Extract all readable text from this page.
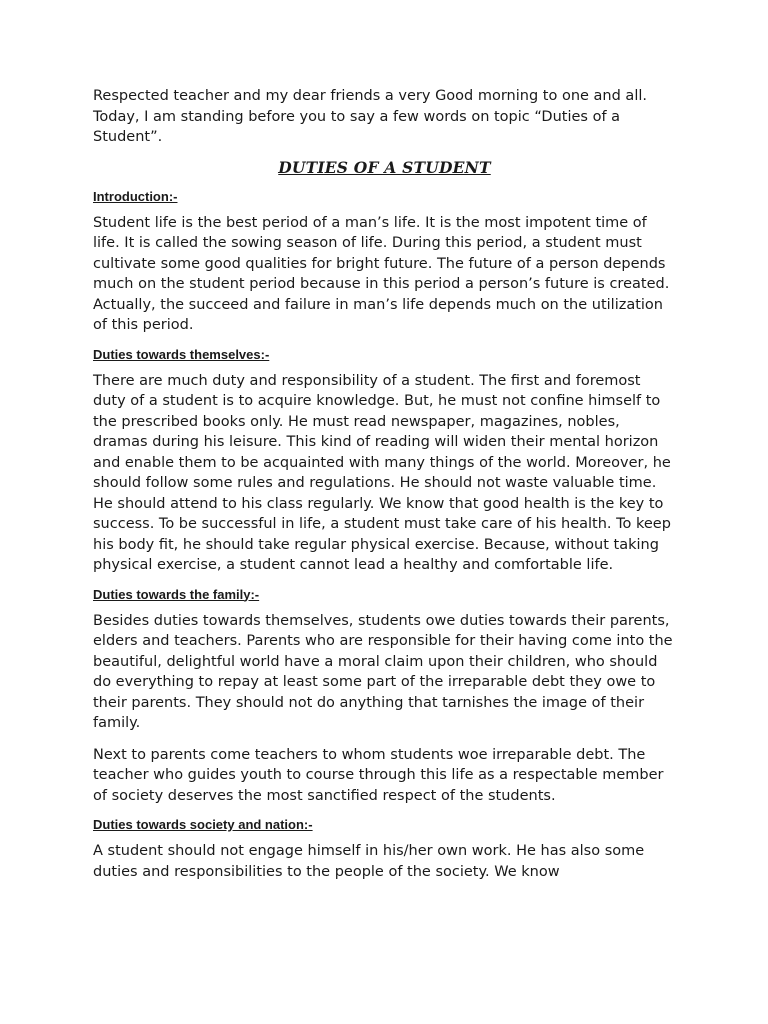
Respected teacher and my dear friends a very Good morning to one and all. Today, I am standing before you to say a few words on topic “Duties of a Student”.

DUTIES OF A STUDENT
Introduction:-

Student life is the best period of a man’s life. It is the most impotent time of life. It is called the sowing season of life. During this period, a student must cultivate some good qualities for bright future. The future of a person depends much on the student period because in this period a person’s future is created. Actually, the succeed and failure in man’s life depends much on the utilization of this period.

Duties towards themselves:-

There are much duty and responsibility of a student. The first and foremost duty of a student is to acquire knowledge. But, he must not confine himself to the prescribed books only. He must read newspaper, magazines, nobles, dramas during his leisure. This kind of reading will widen their mental horizon and enable them to be acquainted with many things of the world. Moreover, he should follow some rules and regulations. He should not waste valuable time. He should attend to his class regularly. We know that good health is the key to success. To be successful in life, a student must take care of his health. To keep his body fit, he should take regular physical exercise. Because, without taking physical exercise, a student cannot lead a healthy and comfortable life.

Duties towards the family:-

Besides duties towards themselves, students owe duties towards their parents, elders and teachers. Parents who are responsible for their having come into the beautiful, delightful world have a moral claim upon their children, who should do everything to repay at least some part of the irreparable debt they owe to their parents. They should not do anything that tarnishes the image of their family.

Next to parents come teachers to whom students woe irreparable debt. The teacher who guides youth to course through this life as a respectable member of society deserves the most sanctified respect of the students.

Duties towards society and nation:-

A student should not engage himself in his/her own work. He has also some duties and responsibilities to the people of the society. We know
